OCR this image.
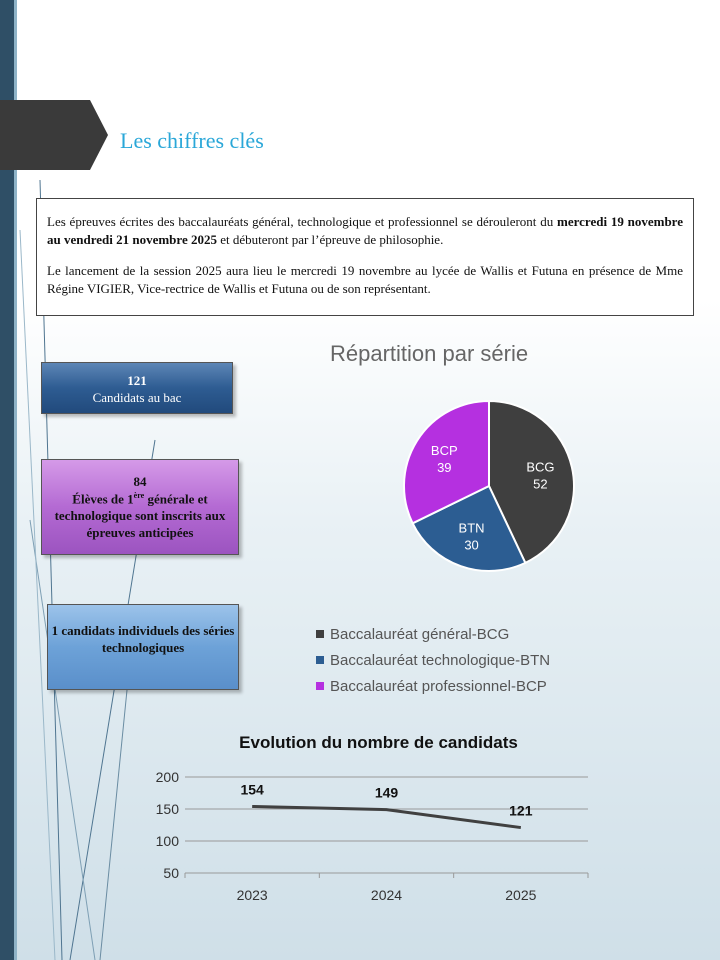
Les chiffres clés

Les épreuves écrites des baccalauréats général, technologique et professionnel se dérouleront du mercredi 19 novembre au vendredi 21 novembre 2025 et débuteront par l’épreuve de philosophie.

Le lancement de la session 2025 aura lieu le mercredi 19 novembre au lycée de Wallis et Futuna en présence de Mme Régine VIGIER, Vice-rectrice de Wallis et Futuna ou de son représentant.

121
Candidats au bac
84
Élèves de 1ère générale et technologique sont inscrits aux épreuves anticipées
1 candidats individuels des séries technologiques
Répartition par série
BCG
52
BTN
30
BCP
39
Baccalauréat général-BCG
Baccalauréat technologique-BTN
Baccalauréat professionnel-BCP
Evolution du nombre de candidats
200
150
100
50
2023	2024	2025
154	149
121
